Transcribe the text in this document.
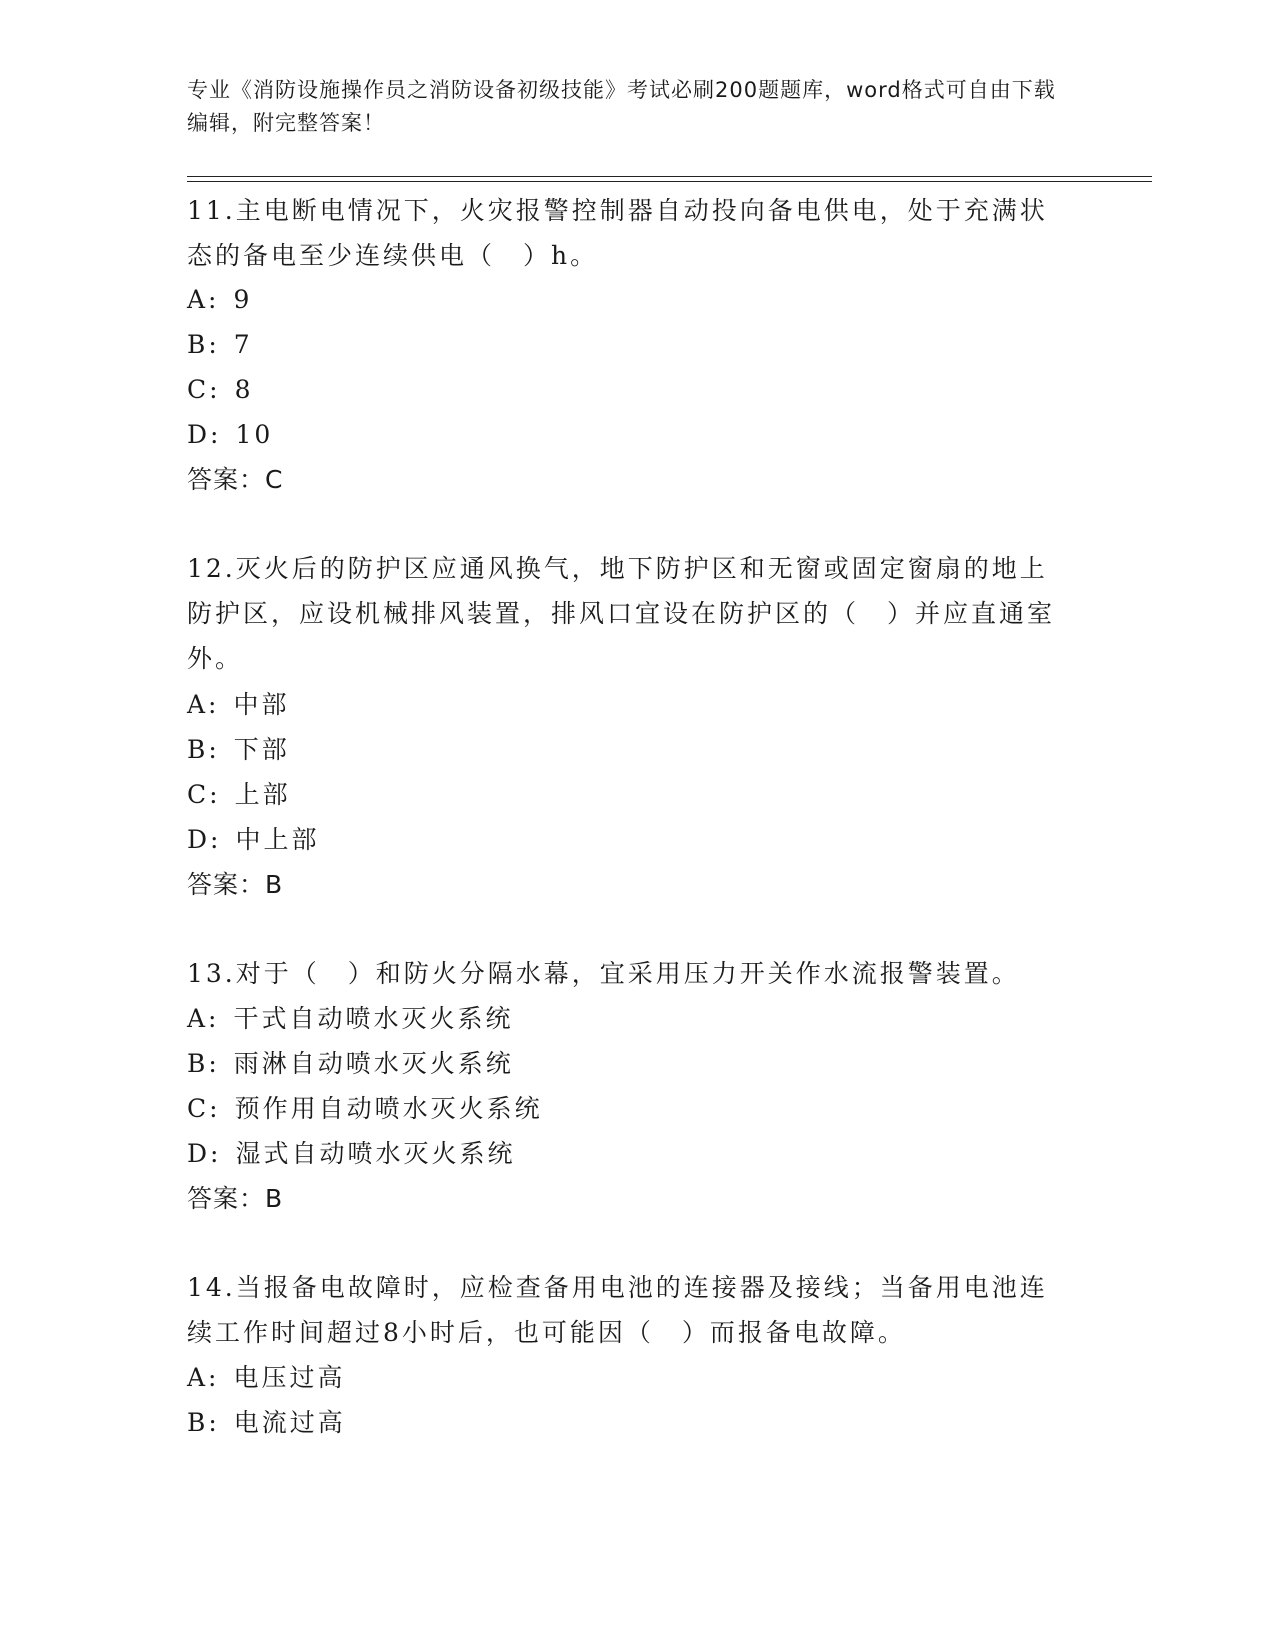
专业《消防设施操作员之消防设备初级技能》考试必刷200题题库，word格式可自由下载编辑，附完整答案！
11.主电断电情况下，火灾报警控制器自动投向备电供电，处于充满状态的备电至少连续供电（　）h。
A: 9
B: 7
C: 8
D: 10
答案：C
12.灭火后的防护区应通风换气，地下防护区和无窗或固定窗扇的地上防护区，应设机械排风装置，排风口宜设在防护区的（　）并应直通室外。
A: 中部
B: 下部
C: 上部
D: 中上部
答案：B
13.对于（　）和防火分隔水幕，宜采用压力开关作水流报警装置。
A: 干式自动喷水灭火系统
B: 雨淋自动喷水灭火系统
C: 预作用自动喷水灭火系统
D: 湿式自动喷水灭火系统
答案：B
14.当报备电故障时，应检查备用电池的连接器及接线；当备用电池连续工作时间超过8小时后，也可能因（　）而报备电故障。
A: 电压过高
B: 电流过高
